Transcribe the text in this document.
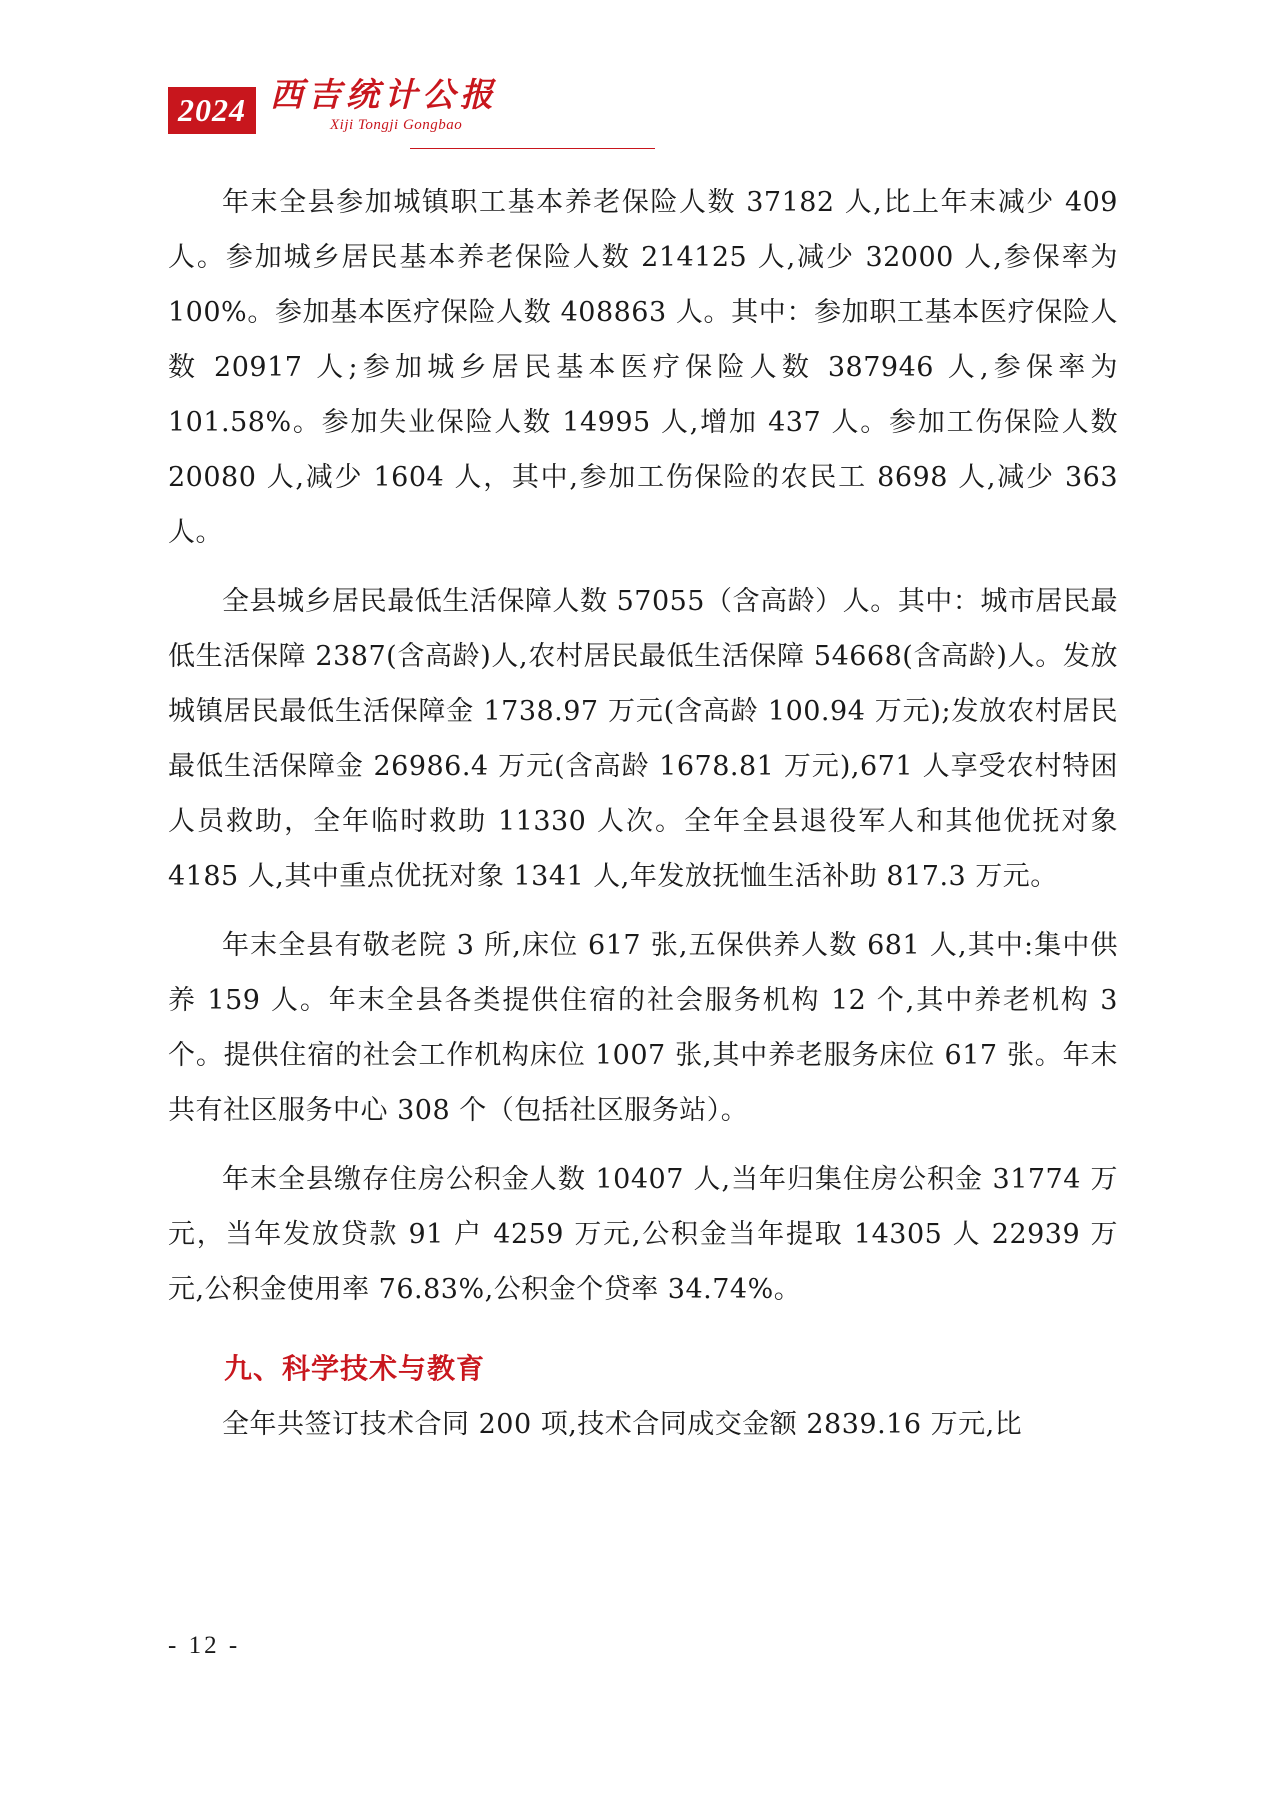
2024 西吉统计公报
Xiji Tongji Gongbao

年末全县参加城镇职工基本养老保险人数 37182 人,比上年末减少 409 人。参加城乡居民基本养老保险人数 214125 人,减少 32000 人,参保率为 100%。参加基本医疗保险人数 408863 人。其中：参加职工基本医疗保险人数 20917 人;参加城乡居民基本医疗保险人数 387946 人,参保率为 101.58%。参加失业保险人数 14995 人,增加 437 人。参加工伤保险人数 20080 人,减少 1604 人，其中,参加工伤保险的农民工 8698 人,减少 363 人。

全县城乡居民最低生活保障人数 57055（含高龄）人。其中：城市居民最低生活保障 2387(含高龄)人,农村居民最低生活保障 54668(含高龄)人。发放城镇居民最低生活保障金 1738.97 万元(含高龄 100.94 万元);发放农村居民最低生活保障金 26986.4 万元(含高龄 1678.81 万元),671 人享受农村特困人员救助，全年临时救助 11330 人次。全年全县退役军人和其他优抚对象 4185 人,其中重点优抚对象 1341 人,年发放抚恤生活补助 817.3 万元。

年末全县有敬老院 3 所,床位 617 张,五保供养人数 681 人,其中:集中供养 159 人。年末全县各类提供住宿的社会服务机构 12 个,其中养老机构 3 个。提供住宿的社会工作机构床位 1007 张,其中养老服务床位 617 张。年末共有社区服务中心 308 个（包括社区服务站）。

年末全县缴存住房公积金人数 10407 人,当年归集住房公积金 31774 万元，当年发放贷款 91 户 4259 万元,公积金当年提取 14305 人 22939 万元,公积金使用率 76.83%,公积金个贷率 34.74%。

九、科学技术与教育

全年共签订技术合同 200 项,技术合同成交金额 2839.16 万元,比

- 12 -
